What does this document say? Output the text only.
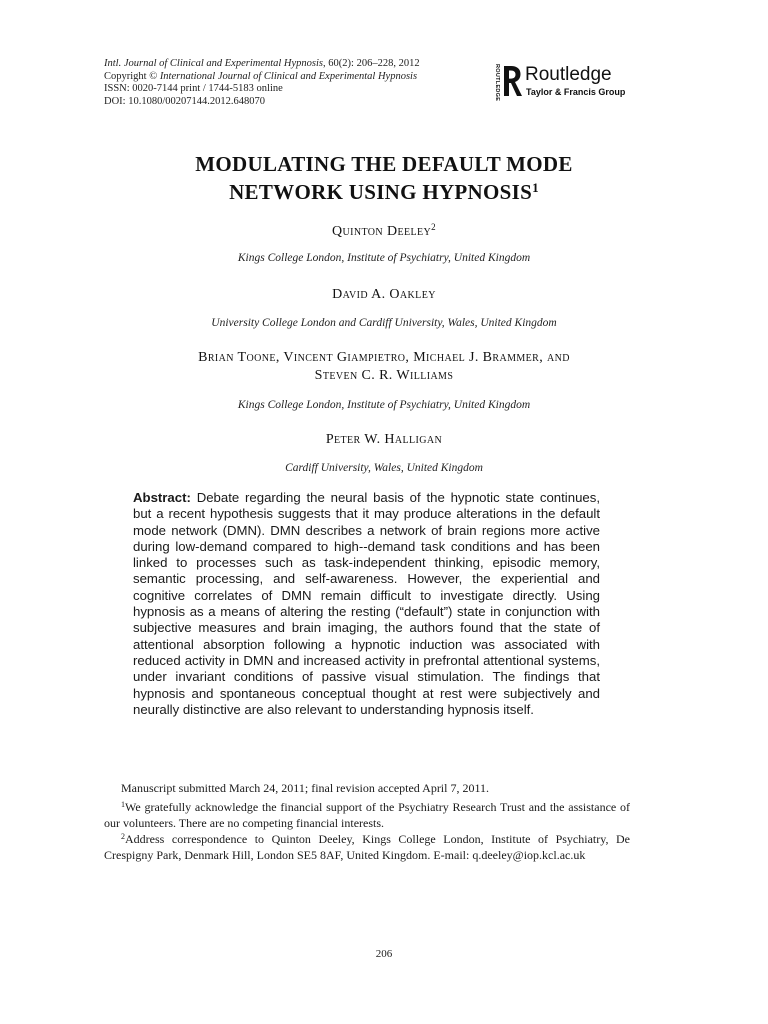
Intl. Journal of Clinical and Experimental Hypnosis, 60(2): 206–228, 2012
Copyright © International Journal of Clinical and Experimental Hypnosis
ISSN: 0020-7144 print / 1744-5183 online
DOI: 10.1080/00207144.2012.648070	ROUTLEDGE Routledge
Taylor & Francis Group
MODULATING THE DEFAULT MODE
NETWORK USING HYPNOSIS$^1$
Quinton Deeley$^2$
Kings College London, Institute of Psychiatry, United Kingdom
David A. Oakley
University College London and Cardiff University, Wales, United Kingdom
Brian Toone, Vincent Giampietro, Michael J. Brammer, and
Steven C. R. Williams
Kings College London, Institute of Psychiatry, United Kingdom
Peter W. Halligan
Cardiff University, Wales, United Kingdom
Abstract: Debate regarding the neural basis of the hypnotic state continues, but a recent hypothesis suggests that it may produce alterations in the default mode network (DMN). DMN describes a network of brain regions more active during low-demand compared to high--demand task conditions and has been linked to processes such as task-independent thinking, episodic memory, semantic processing, and self-awareness. However, the experiential and cognitive correlates of DMN remain difficult to investigate directly. Using hypnosis as a means of altering the resting (“default”) state in conjunction with subjective measures and brain imaging, the authors found that the state of attentional absorption following a hypnotic induction was associated with reduced activity in DMN and increased activity in prefrontal attentional systems, under invariant conditions of passive visual stimulation. The findings that hypnosis and spontaneous conceptual thought at rest were subjectively and neurally distinctive are also relevant to understanding hypnosis itself.
Manuscript submitted March 24, 2011; final revision accepted April 7, 2011.
$^1$We gratefully acknowledge the financial support of the Psychiatry Research Trust and the assistance of our volunteers. There are no competing financial interests.
$^2$Address correspondence to Quinton Deeley, Kings College London, Institute of Psychiatry, De Crespigny Park, Denmark Hill, London SE5 8AF, United Kingdom. E-mail: q.deeley@iop.kcl.ac.uk
206
